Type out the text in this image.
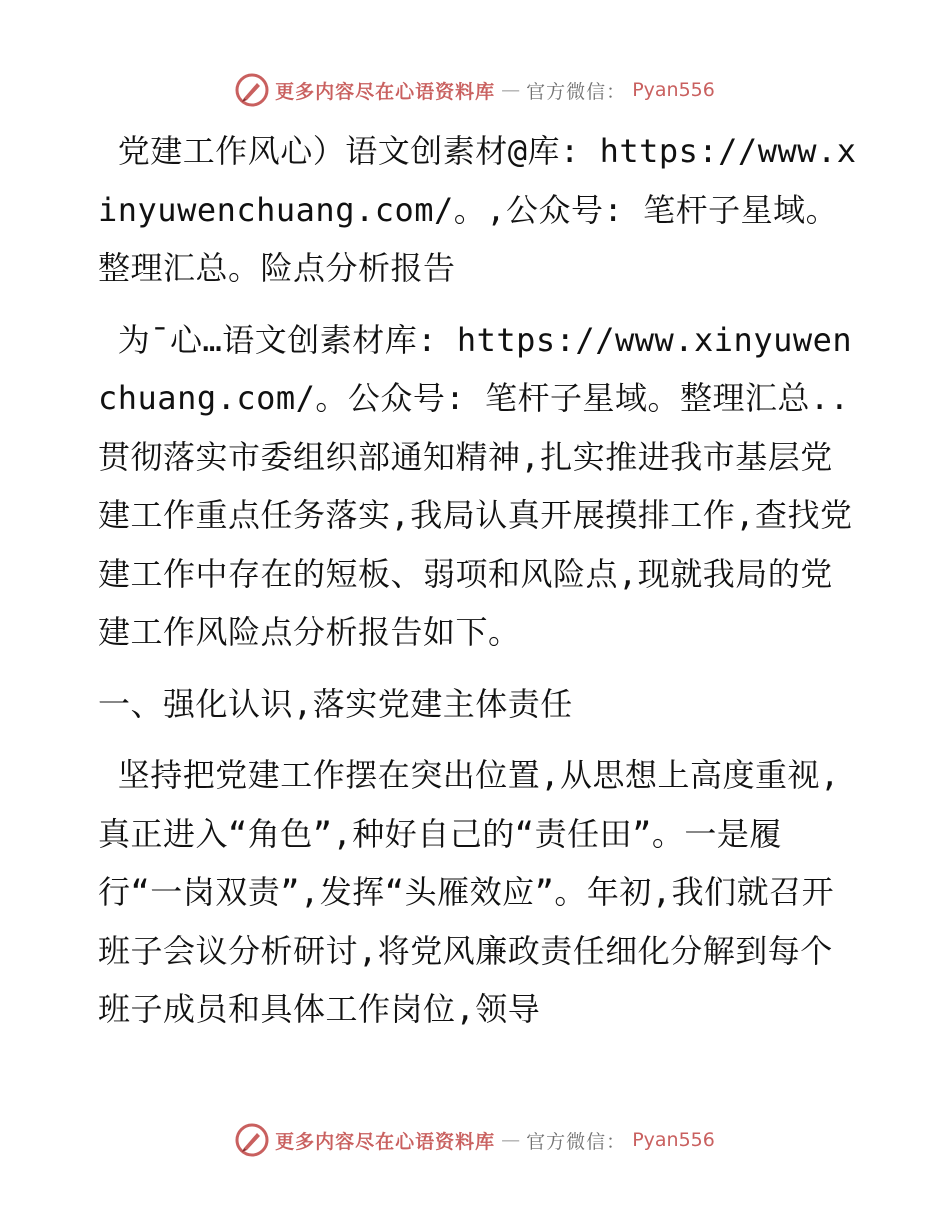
更多内容尽在心语资料库 — 官方微信： Pyan556

党建工作风心）语文创素材@库: https://www.xinyuwenchuang.com/。,公众号: 笔杆子星域。整理汇总。险点分析报告

为¯心…语文创素材库: https://www.xinyuwenchuang.com/。公众号: 笔杆子星域。整理汇总..贯彻落实市委组织部通知精神,扎实推进我市基层党建工作重点任务落实,我局认真开展摸排工作,查找党建工作中存在的短板、弱项和风险点,现就我局的党建工作风险点分析报告如下。

一、强化认识,落实党建主体责任

坚持把党建工作摆在突出位置,从思想上高度重视,真正进入“角色”,种好自己的“责任田”。一是履行“一岗双责”,发挥“头雁效应”。年初,我们就召开班子会议分析研讨,将党风廉政责任细化分解到每个班子成员和具体工作岗位,领导

更多内容尽在心语资料库 — 官方微信： Pyan556
